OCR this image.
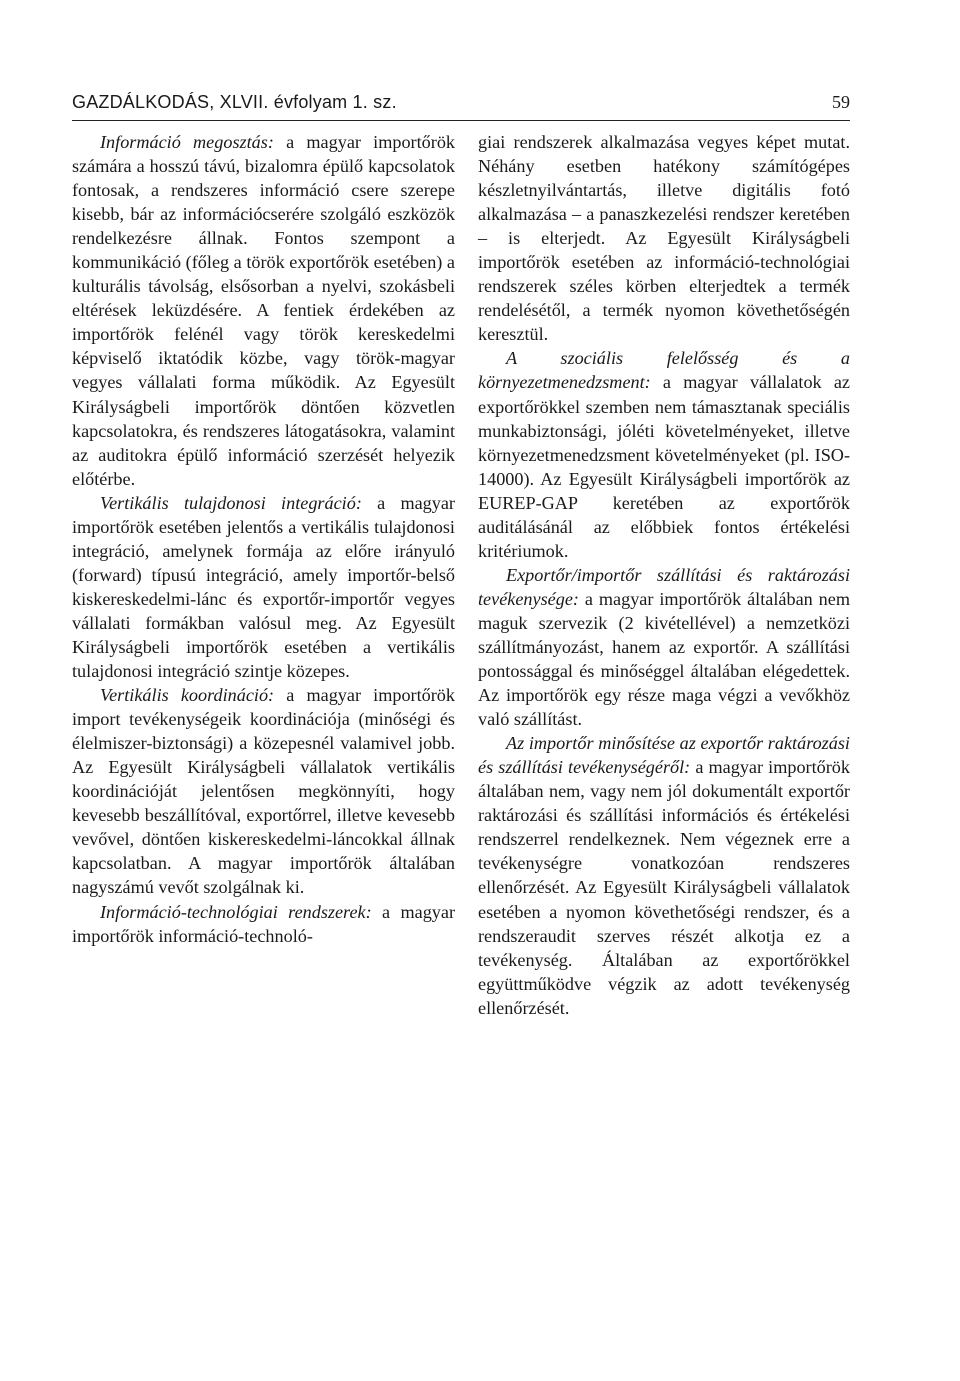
GAZDÁLKODÁS, XLVII. évfolyam 1. sz.	59

Információ megosztás: a magyar importőrök számára a hosszú távú, bizalomra épülő kapcsolatok fontosak, a rendszeres információ csere szerepe kisebb, bár az információcserére szolgáló eszközök rendelkezésre állnak. Fontos szempont a kommunikáció (főleg a török exportőrök esetében) a kulturális távolság, elsősorban a nyelvi, szokásbeli eltérések leküzdésére. A fentiek érdekében az importőrök felénél vagy török kereskedelmi képviselő iktatódik közbe, vagy török-magyar vegyes vállalati forma működik. Az Egyesült Királyságbeli importőrök döntően közvetlen kapcsolatokra, és rendszeres látogatásokra, valamint az auditokra épülő információ szerzését helyezik előtérbe.

Vertikális tulajdonosi integráció: a magyar importőrök esetében jelentős a vertikális tulajdonosi integráció, amelynek formája az előre irányuló (forward) típusú integráció, amely importőr-belső kiskereskedelmi-lánc és exportőr-importőr vegyes vállalati formákban valósul meg. Az Egyesült Királyságbeli importőrök esetében a vertikális tulajdonosi integráció szintje közepes.

Vertikális koordináció: a magyar importőrök import tevékenységeik koordinációja (minőségi és élelmiszer-biztonsági) a közepesnél valamivel jobb. Az Egyesült Királyságbeli vállalatok vertikális koordinációját jelentősen megkönnyíti, hogy kevesebb beszállítóval, exportőrrel, illetve kevesebb vevővel, döntően kiskereskedelmi-láncokkal állnak kapcsolatban. A magyar importőrök általában nagyszámú vevőt szolgálnak ki.

Információ-technológiai rendszerek: a magyar importőrök információ-technoló-

giai rendszerek alkalmazása vegyes képet mutat. Néhány esetben hatékony számítógépes készletnyilvántartás, illetve digitális fotó alkalmazása – a panaszkezelési rendszer keretében – is elterjedt. Az Egyesült Királyságbeli importőrök esetében az információ-technológiai rendszerek széles körben elterjedtek a termék rendelésétől, a termék nyomon követhetőségén keresztül.

A szociális felelősség és a környezetmenedzsment: a magyar vállalatok az exportőrökkel szemben nem támasztanak speciális munkabiztonsági, jóléti követelményeket, illetve környezetmenedzsment követelményeket (pl. ISO-14000). Az Egyesült Királyságbeli importőrök az EUREP-GAP keretében az exportőrök auditálásánál az előbbiek fontos értékelési kritériumok.

Exportőr/importőr szállítási és raktározási tevékenysége: a magyar importőrök általában nem maguk szervezik (2 kivétellével) a nemzetközi szállítmányozást, hanem az exportőr. A szállítási pontossággal és minőséggel általában elégedettek. Az importőrök egy része maga végzi a vevőkhöz való szállítást.

Az importőr minősítése az exportőr raktározási és szállítási tevékenységéről: a magyar importőrök általában nem, vagy nem jól dokumentált exportőr raktározási és szállítási információs és értékelési rendszerrel rendelkeznek. Nem végeznek erre a tevékenységre vonatkozóan rendszeres ellenőrzését. Az Egyesült Királyságbeli vállalatok esetében a nyomon követhetőségi rendszer, és a rendszeraudit szerves részét alkotja ez a tevékenység. Általában az exportőrökkel együttműködve végzik az adott tevékenység ellenőrzését.
